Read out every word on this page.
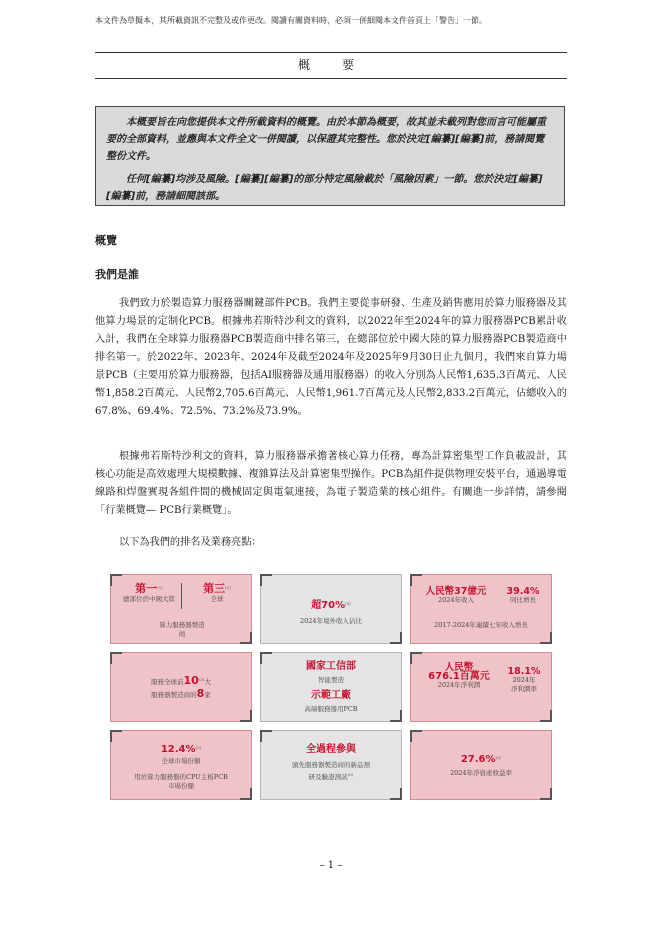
本文件為草擬本，其所載資訊不完整及或作更改。閱讀有關資料時，必須一併細閱本文件首頁上「警告」一節。
概　要

本概要旨在向您提供本文件所載資料的概覽。由於本節為概要，故其並未載列對您而言可能屬重要的全部資料，並應與本文件全文一併閱讀，以保證其完整性。您於決定[編纂][編纂]前，務請閱覽整份文件。

任何[編纂]均涉及風險。[編纂][編纂]的部分特定風險載於「風險因素」一節。您於決定[編纂][編纂]前，務請細閱該部。

概覽
我們是誰
我們致力於製造算力服務器關鍵部件PCB。我們主要從事研發、生產及銷售應用於算力服務器及其他算力場景的定制化PCB。根據弗若斯特沙利文的資料，以2022年至2024年的算力服務器PCB累計收入計，我們在全球算力服務器PCB製造商中排名第三，在總部位於中國大陸的算力服務器PCB製造商中排名第一。於2022年、2023年、2024年及截至2024年及2025年9月30日止九個月，我們來自算力場景PCB（主要用於算力服務器，包括AI服務器及通用服務器）的收入分別為人民幣1,635.3百萬元、人民幣1,858.2百萬元、人民幣2,705.6百萬元、人民幣1,961.7百萬元及人民幣2,833.2百萬元，佔總收入的67.8%、69.4%、72.5%、73.2%及73.9%。
根據弗若斯特沙利文的資料，算力服務器承擔著核心算力任務，專為計算密集型工作負載設計，其核心功能是高效處理大規模數據、複雜算法及計算密集型操作。PCB為組件提供物理安裝平台，通過導電線路和焊盤實現各組件間的機械固定與電氣連接，為電子製造業的核心組件。有關進一步詳情，請參閱「行業概覽— PCB行業概覽」。
以下為我們的排名及業務亮點：
第一$^{(1)}$
總部位於中國大陸
第三$^{(2)}$
全球
算力服務器製造商
超70%$^{(4)}$
2024年境外收入佔比
人民幣37億元
2024年收入
39.4%
同比增長
2017-2024年連續七年收入增長
服務全球前10$^{(3)}$大
服務器製造商的8家
國家工信部
智能製造
示範工廠
高端服務器用PCB
人民幣
676.1百萬元
2024年淨利潤
18.1%
2024年
淨利潤率
12.4%$^{(5)}$
全球市場份額
用於算力服務器的CPU主板PCB市場份額
全過程參與
頭先服務器製造商的新品預研及驗證測試$^{(6)}$
27.6%$^{(6)}$
2024年淨資產收益率
– 1 –
